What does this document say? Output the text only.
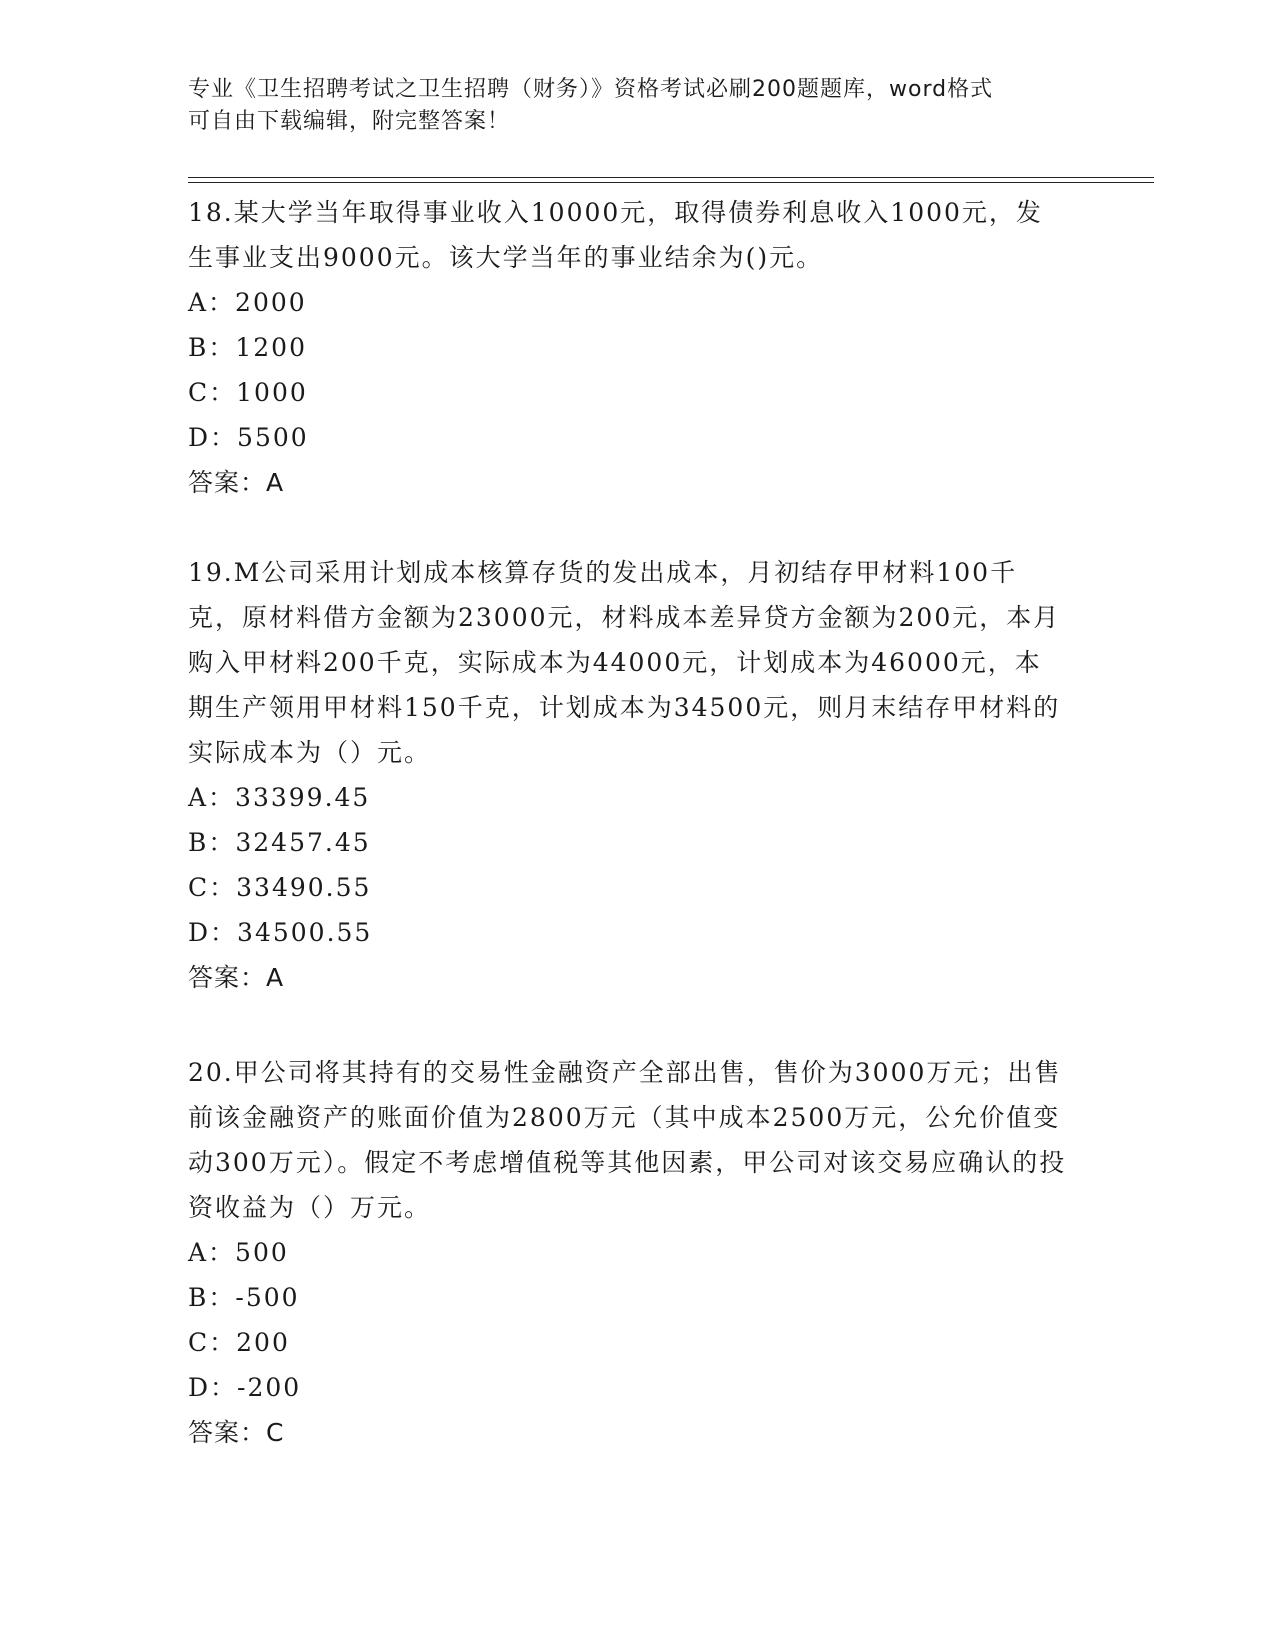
专业《卫生招聘考试之卫生招聘（财务）》资格考试必刷200题题库，word格式

可自由下载编辑，附完整答案！

18.某大学当年取得事业收入10000元，取得债券利息收入1000元，发生事业支出9000元。该大学当年的事业结余为()元。

A：2000

B：1200

C：1000

D：5500

答案：A

19.M公司采用计划成本核算存货的发出成本，月初结存甲材料100千克，原材料借方金额为23000元，材料成本差异贷方金额为200元，本月购入甲材料200千克，实际成本为44000元，计划成本为46000元，本期生产领用甲材料150千克，计划成本为34500元，则月末结存甲材料的实际成本为（）元。

A：33399.45

B：32457.45

C：33490.55

D：34500.55

答案：A

20.甲公司将其持有的交易性金融资产全部出售，售价为3000万元；出售前该金融资产的账面价值为2800万元（其中成本2500万元，公允价值变动300万元）。假定不考虑增值税等其他因素，甲公司对该交易应确认的投资收益为（）万元。

A：500

B：-500

C：200

D：-200

答案：C
